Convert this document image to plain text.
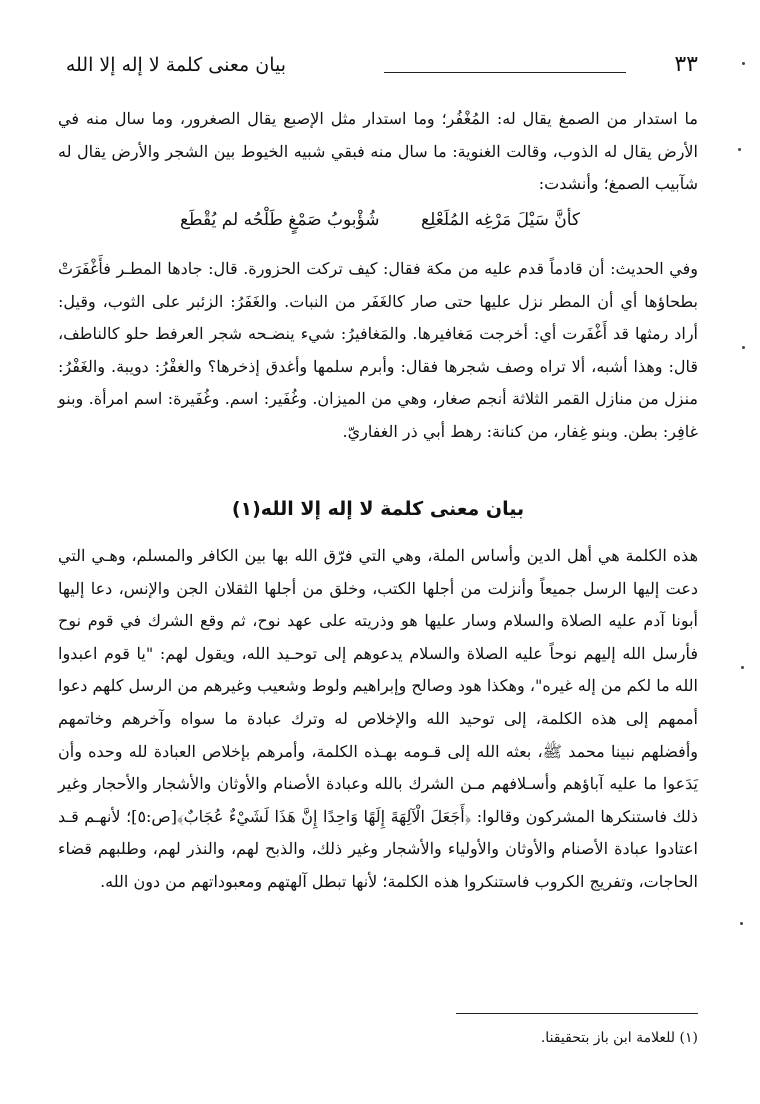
بيان معنى كلمة لا إله إلا الله	٣٣
ما استدار من الصمغ يقال له: المُغْفُر؛ وما استدار مثل الإصبع يقال الصغرور، وما سال منه في الأرض يقال له الذوب، وقالت الغنوية: ما سال منه فبقي شبيه الخيوط بين الشجر والأرض يقال له شآبيب الصمغ؛ وأنشدت:
كأنَّ سَيْلَ مَرْغِه المُلَعْلِع
شُؤْبوبُ صَمْغٍ طَلْحُه لم يُقْطَع
وفي الحديث: أن قادماً قدم عليه من مكة فقال: كيف تركت الحزورة. قال: جادها المطـر فأَغْفَرَتْ بطحاؤها أي أن المطر نزل عليها حتى صار كالغَفَر من النبات. والغَفَرُ: الزئبر على الثوب، وقيل: أراد رمثها قد أَغْفَرت أي: أخرجت مَغافيرها. والمَغافيرُ: شيء ينضـحه شجر العرفط حلو كالناطف، قال: وهذا أشبه، ألا تراه وصف شجرها فقال: وأبرم سلمها وأغدق إذخرها؟ والغفْرُ: دويبة. والغَفْرُ: منزل من منازل القمر الثلاثة أنجم صغار، وهي من الميزان. وغُفَير: اسم. وغُفَيرة: اسم امرأة. وبنو غافِر: بطن. وبنو غِفار، من كنانة: رهط أبي ذر الغفاريّ.
بيان معنى كلمة لا إله إلا الله(١)
هذه الكلمة هي أهل الدين وأساس الملة، وهي التي فرّق الله بها بين الكافر والمسلم، وهـي التي دعت إليها الرسل جميعاً وأنزلت من أجلها الكتب، وخلق من أجلها الثقلان الجن والإنس، دعا إليها أبونا آدم عليه الصلاة والسلام وسار عليها هو وذريته على عهد نوح، ثم وقع الشرك في قوم نوح فأرسل الله إليهم نوحاً عليه الصلاة والسلام يدعوهم إلى توحـيد الله، ويقول لهم: "يا قوم اعبدوا الله ما لكم من إله غيره"، وهكذا هود وصالح وإبراهيم ولوط وشعيب وغيرهم من الرسل كلهم دعوا أممهم إلى هذه الكلمة، إلى توحيد الله والإخلاص له وترك عبادة ما سواه وآخرهم وخاتمهم وأفضلهم نبينا محمد ﷺ، بعثه الله إلى قـومه بهـذه الكلمة، وأمرهم بإخلاص العبادة لله وحده وأن يَدَعوا ما عليه آباؤهم وأسـلافهم مـن الشرك بالله وعبادة الأصنام والأوثان والأشجار والأحجار وغير ذلك فاستنكرها المشركون وقالوا: ﴿أَجَعَلَ الْآلِهَةَ إِلَهًا وَاحِدًا إِنَّ هَذَا لَشَيْءٌ عُجَابٌ﴾[ص:٥]؛ لأنهـم قـد اعتادوا عبادة الأصنام والأوثان والأولياء والأشجار وغير ذلك، والذبح لهم، والنذر لهم، وطلبهم قضاء الحاجات، وتفريج الكروب فاستنكروا هذه الكلمة؛ لأنها تبطل آلهتهم ومعبوداتهم من دون الله.
(١) للعلامة ابن باز بتحقيقنا.
